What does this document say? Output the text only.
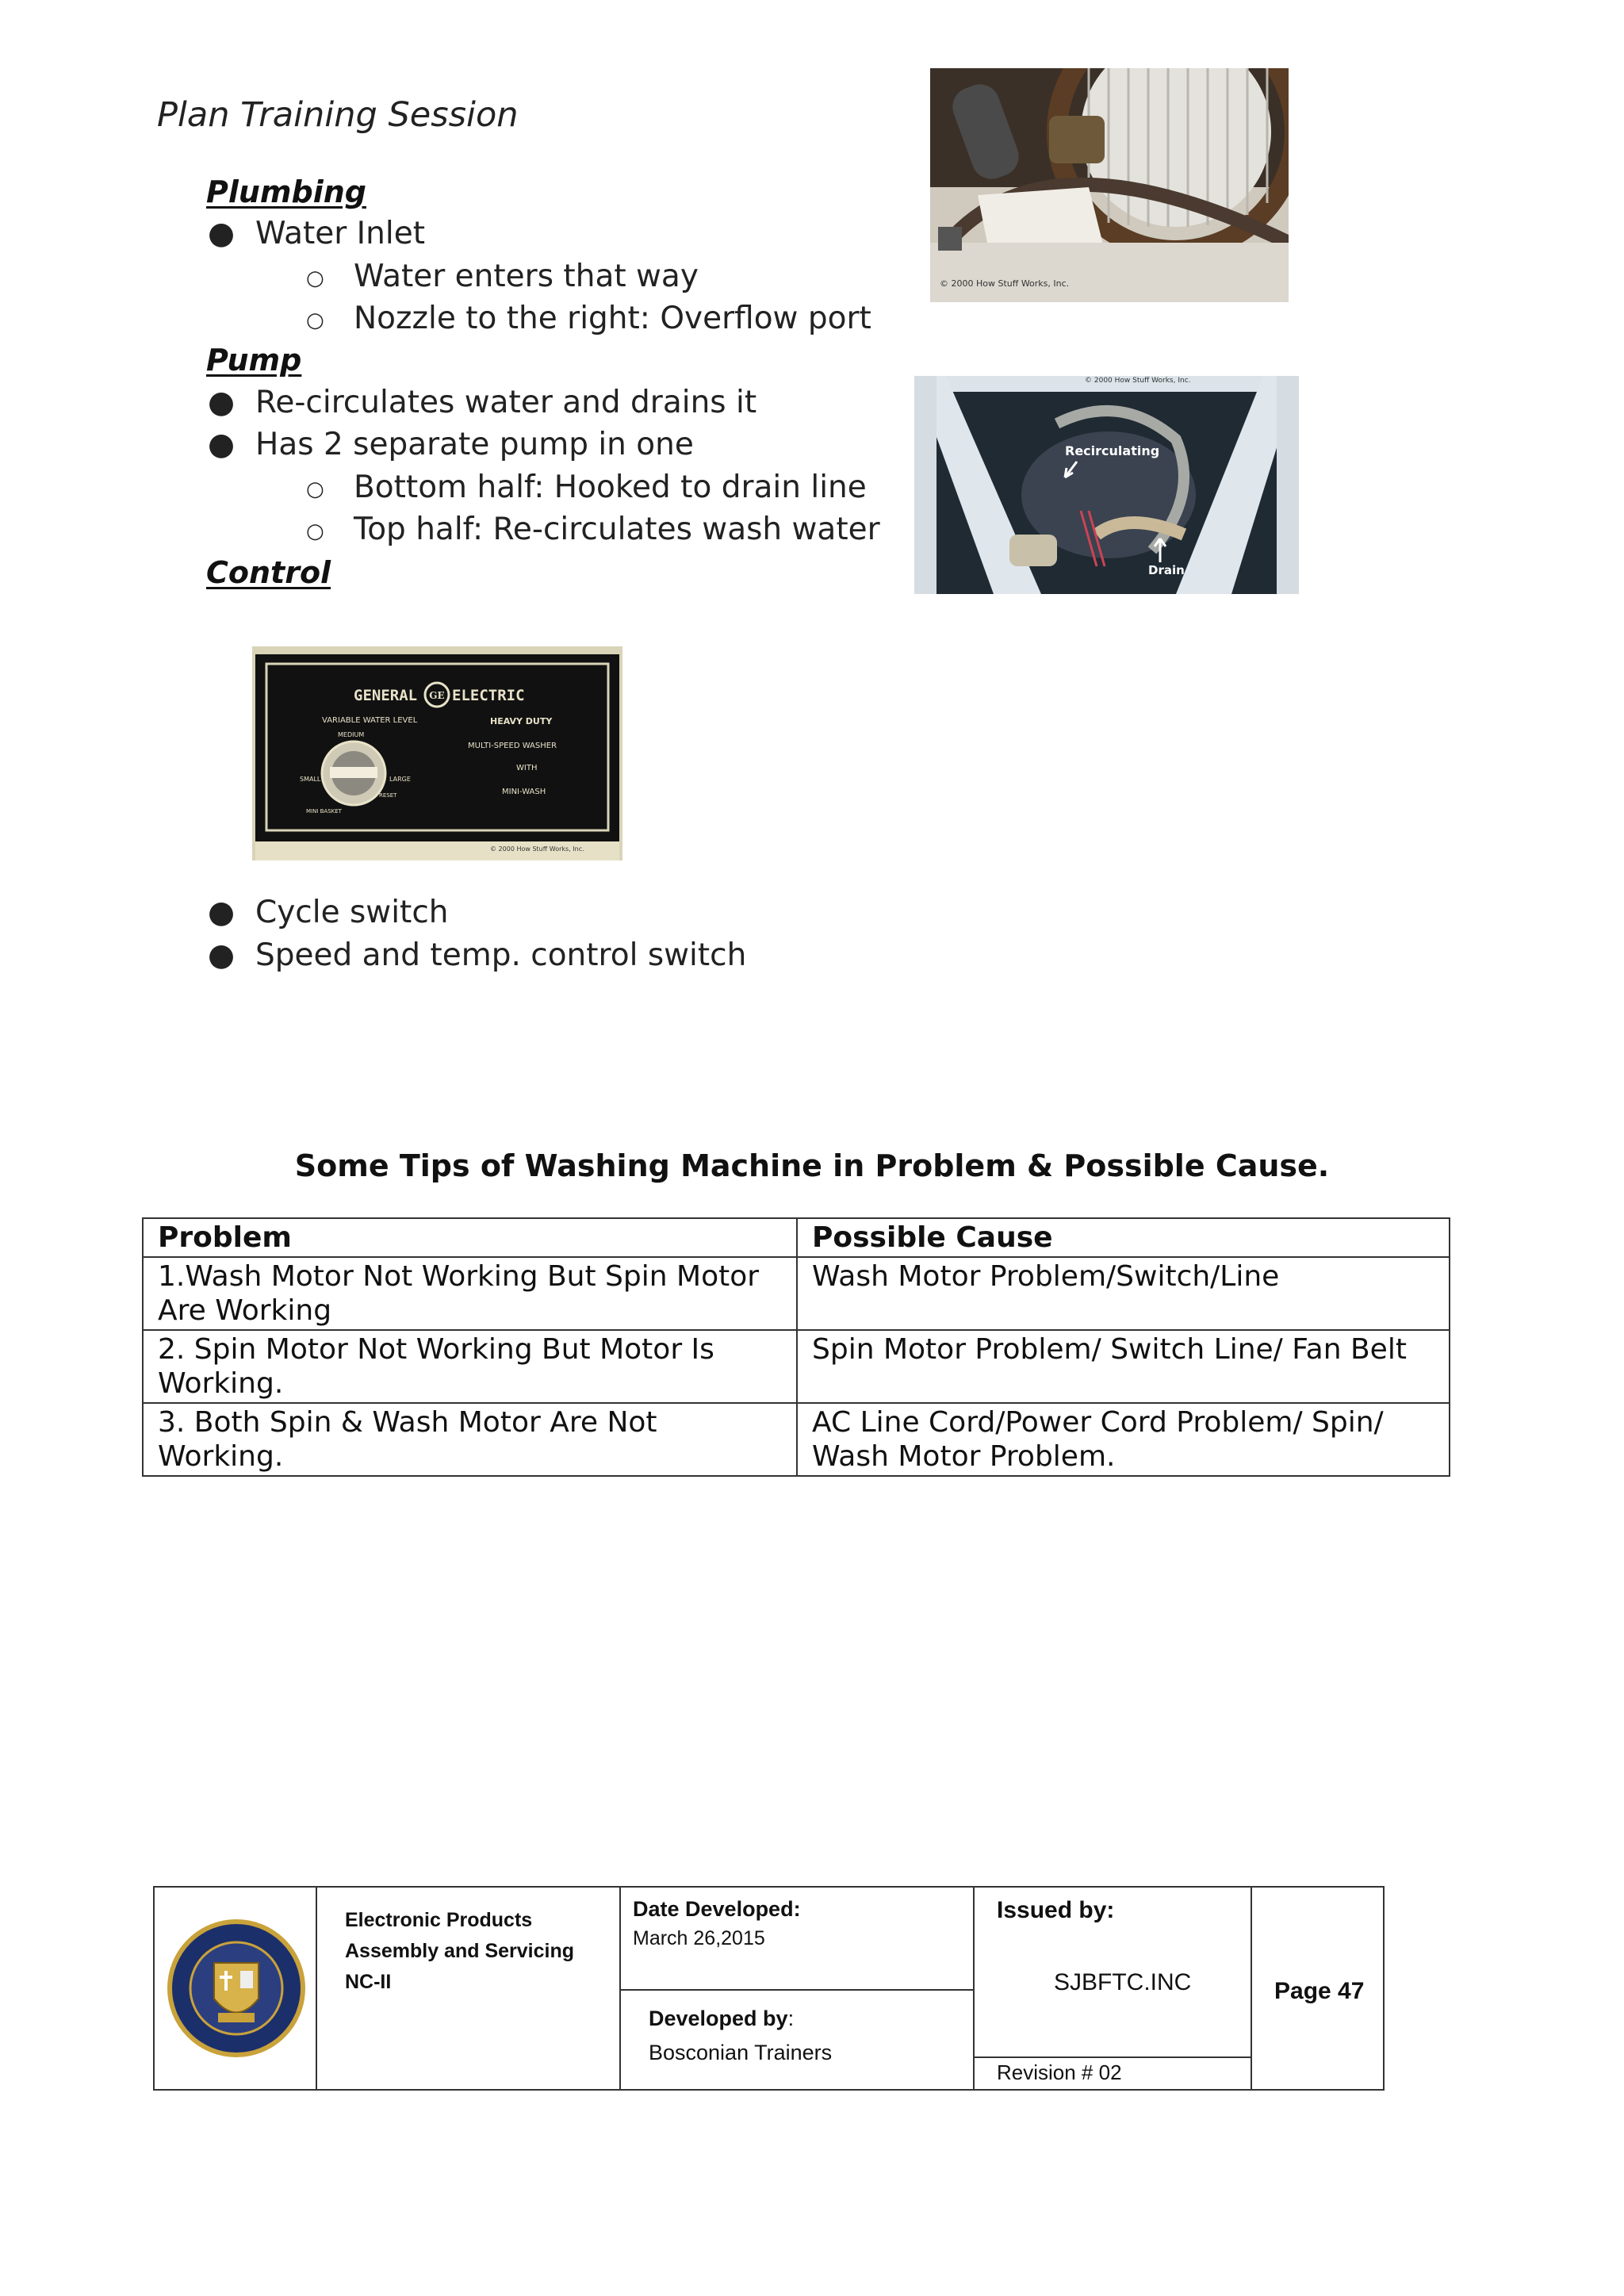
Plan Training Session
Plumbing
● Water Inlet
○ Water enters that way
○ Nozzle to the right: Overflow port
Pump
● Re-circulates water and drains it
● Has 2 separate pump in one
○ Bottom half: Hooked to drain line
○ Top half: Re-circulates wash water
Control
© 2000 How Stuff Works, Inc.
© 2000 How Stuff Works, Inc.
Recirculating
Drain
GENERAL GE ELECTRIC
VARIABLE WATER LEVEL
MEDIUM
SMALL	LARGE
RESET
MINI BASKET
HEAVY DUTY
MULTI-SPEED WASHER
WITH
MINI-WASH
© 2000 How Stuff Works, Inc.
● Cycle switch
● Speed and temp. control switch
Some Tips of Washing Machine in Problem & Possible Cause.
Problem	Possible Cause
1.Wash Motor Not Working But Spin Motor Are Working	Wash Motor Problem/Switch/Line
2. Spin Motor Not Working But Motor Is Working.	Spin Motor Problem/ Switch Line/ Fan Belt
3. Both Spin & Wash Motor Are Not Working.	AC Line Cord/Power Cord Problem/ Spin/ Wash Motor Problem.
Electronic Products Assembly and Servicing NC-II
Date Developed:
March 26,2015
Developed by:
Bosconian Trainers
Issued by:
SJBFTC.INC
Revision # 02
Page 47
